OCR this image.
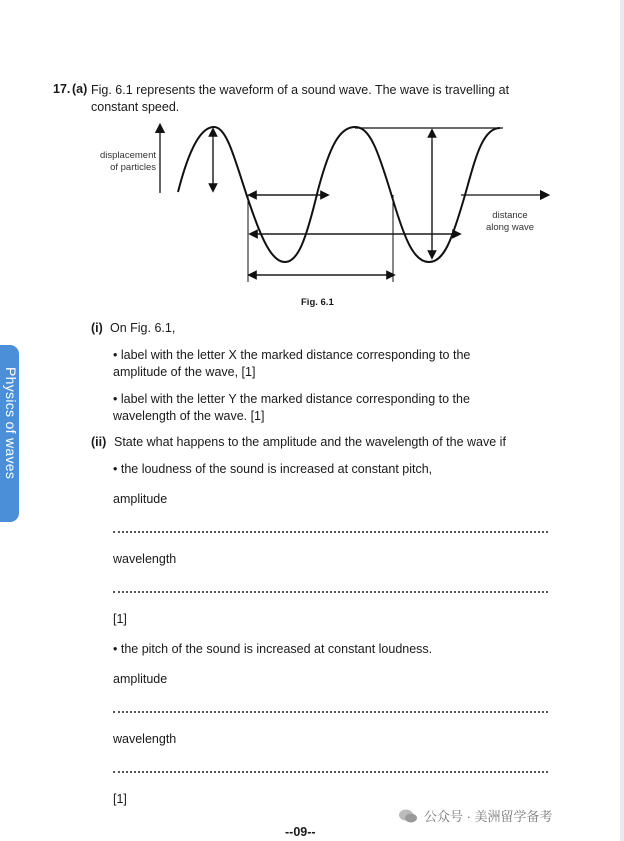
Physics of waves
17. (a) Fig. 6.1 represents the waveform of a sound wave. The wave is travelling at
constant speed.
displacement
of particles
distance
along wave
Fig. 6.1
(i) On Fig. 6.1,
• label with the letter X the marked distance corresponding to the
amplitude of the wave, [1]
• label with the letter Y the marked distance corresponding to the
wavelength of the wave. [1]
(ii) State what happens to the amplitude and the wavelength of the wave if
• the loudness of the sound is increased at constant pitch,
amplitude
wavelength
[1]
• the pitch of the sound is increased at constant loudness.
amplitude
wavelength
[1]
公众号 · 美洲留学备考
--09--
